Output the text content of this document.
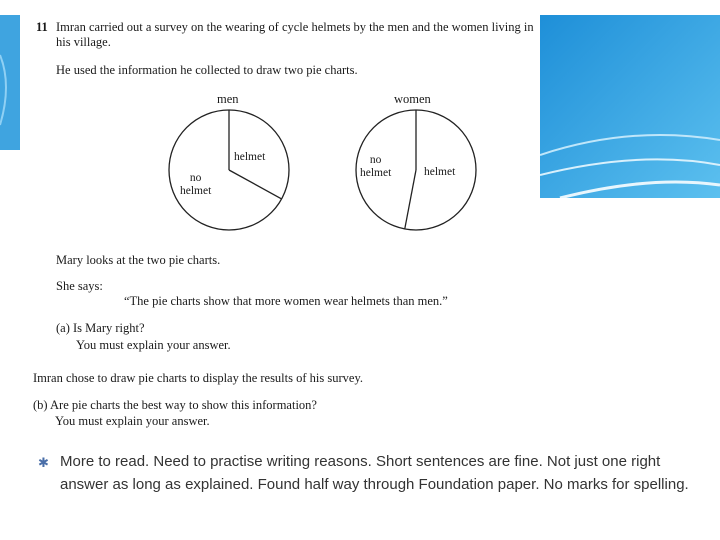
11 Imran carried out a survey on the wearing of cycle helmets by the men and the women living in his village.
He used the information he collected to draw two pie charts.
men	women
helmet
no
helmet
no
helmet	helmet
Mary looks at the two pie charts.
She says:
“The pie charts show that more women wear helmets than men.”
(a) Is Mary right?
You must explain your answer.
Imran chose to draw pie charts to display the results of his survey.
(b) Are pie charts the best way to show this information?
You must explain your answer.
✱ More to read. Need to practise writing reasons. Short sentences are fine. Not just one right answer as long as explained. Found half way through Foundation paper. No marks for spelling.
